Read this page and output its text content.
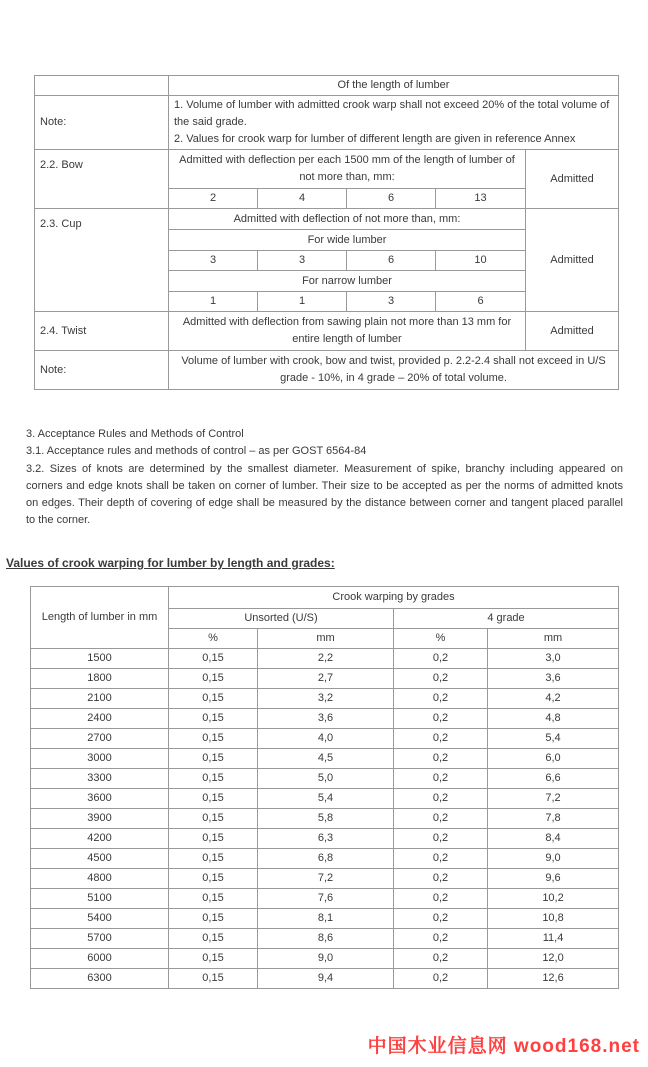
	Of the length of lumber				
Note:	1. Volume of lumber with admitted crook warp shall not exceed 20% of the total volume of the said grade.
2. Values for crook warp for lumber of different length are given in reference Annex				

2.2. Bow	Admitted with deflection per each 1500 mm of the length of lumber of not more than, mm:				Admitted
	2	4	6	13	
2.3. Cup	Admitted with deflection of not more than, mm:				Admitted
	For wide lumber				
	3	3	6	10	
	For narrow lumber				
	1	1	3	6	
2.4. Twist	Admitted with deflection from sawing plain not more than 13 mm for entire length of lumber				Admitted
Note:	Volume of lumber with crook, bow and twist, provided p. 2.2-2.4 shall not exceed in U/S grade - 10%, in 4 grade – 20% of total volume.				

3. Acceptance Rules and Methods of Control

3.1. Acceptance rules and methods of control – as per GOST 6564-84

3.2. Sizes of knots are determined by the smallest diameter. Measurement of spike, branchy including appeared on corners and edge knots shall be taken on corner of lumber. Their size to be accepted as per the norms of admitted knots on edges. Their depth of covering of edge shall be measured by the distance between corner and tangent placed parallel to the corner.

Values of crook warping for lumber by length and grades:
Length of lumber in mm	Crook warping by grades			
	Unsorted (U/S)		4 grade	
	%	mm	%	mm
1500	0,15	2,2	0,2	3,0
1800	0,15	2,7	0,2	3,6
2100	0,15	3,2	0,2	4,2
2400	0,15	3,6	0,2	4,8
2700	0,15	4,0	0,2	5,4
3000	0,15	4,5	0,2	6,0
3300	0,15	5,0	0,2	6,6
3600	0,15	5,4	0,2	7,2
3900	0,15	5,8	0,2	7,8
4200	0,15	6,3	0,2	8,4
4500	0,15	6,8	0,2	9,0
4800	0,15	7,2	0,2	9,6
5100	0,15	7,6	0,2	10,2
5400	0,15	8,1	0,2	10,8
5700	0,15	8,6	0,2	11,4
6000	0,15	9,0	0,2	12,0
6300	0,15	9,4	0,2	12,6
中国木业信息网 wood168.net
